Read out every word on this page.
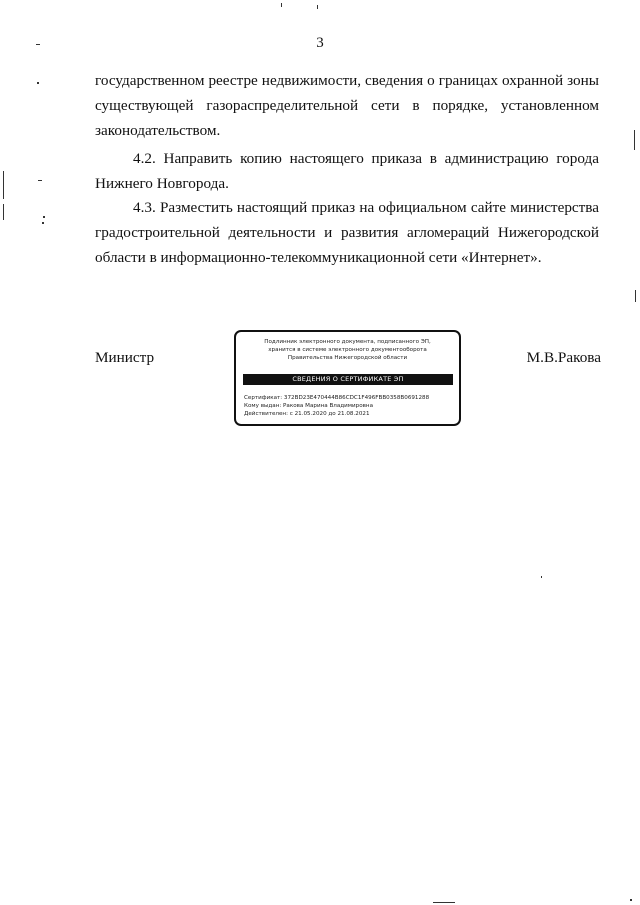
3
государственном реестре недвижимости, сведения о границах охранной зоны
существующей газораспределительной сети в порядке, установленном
законодательством.
4.2. Направить копию настоящего приказа в администрацию города
Нижнего Новгорода.
4.3. Разместить настоящий приказ на официальном сайте министерства
градостроительной деятельности и развития агломераций Нижегородской
области в информационно-телекоммуникационной сети «Интернет».
Министр
Подлинник электронного документа, подписанного ЭП,
хранится в системе электронного документооборота
Правительства Нижегородской области
СВЕДЕНИЯ О СЕРТИФИКАТЕ ЭП
Сертификат: 372BD23E470444B86CDC1F496FBB0358B0691288
Кому выдан: Ракова Марина Владимировна
Действителен: с 21.05.2020 до 21.08.2021
М.В.Ракова
